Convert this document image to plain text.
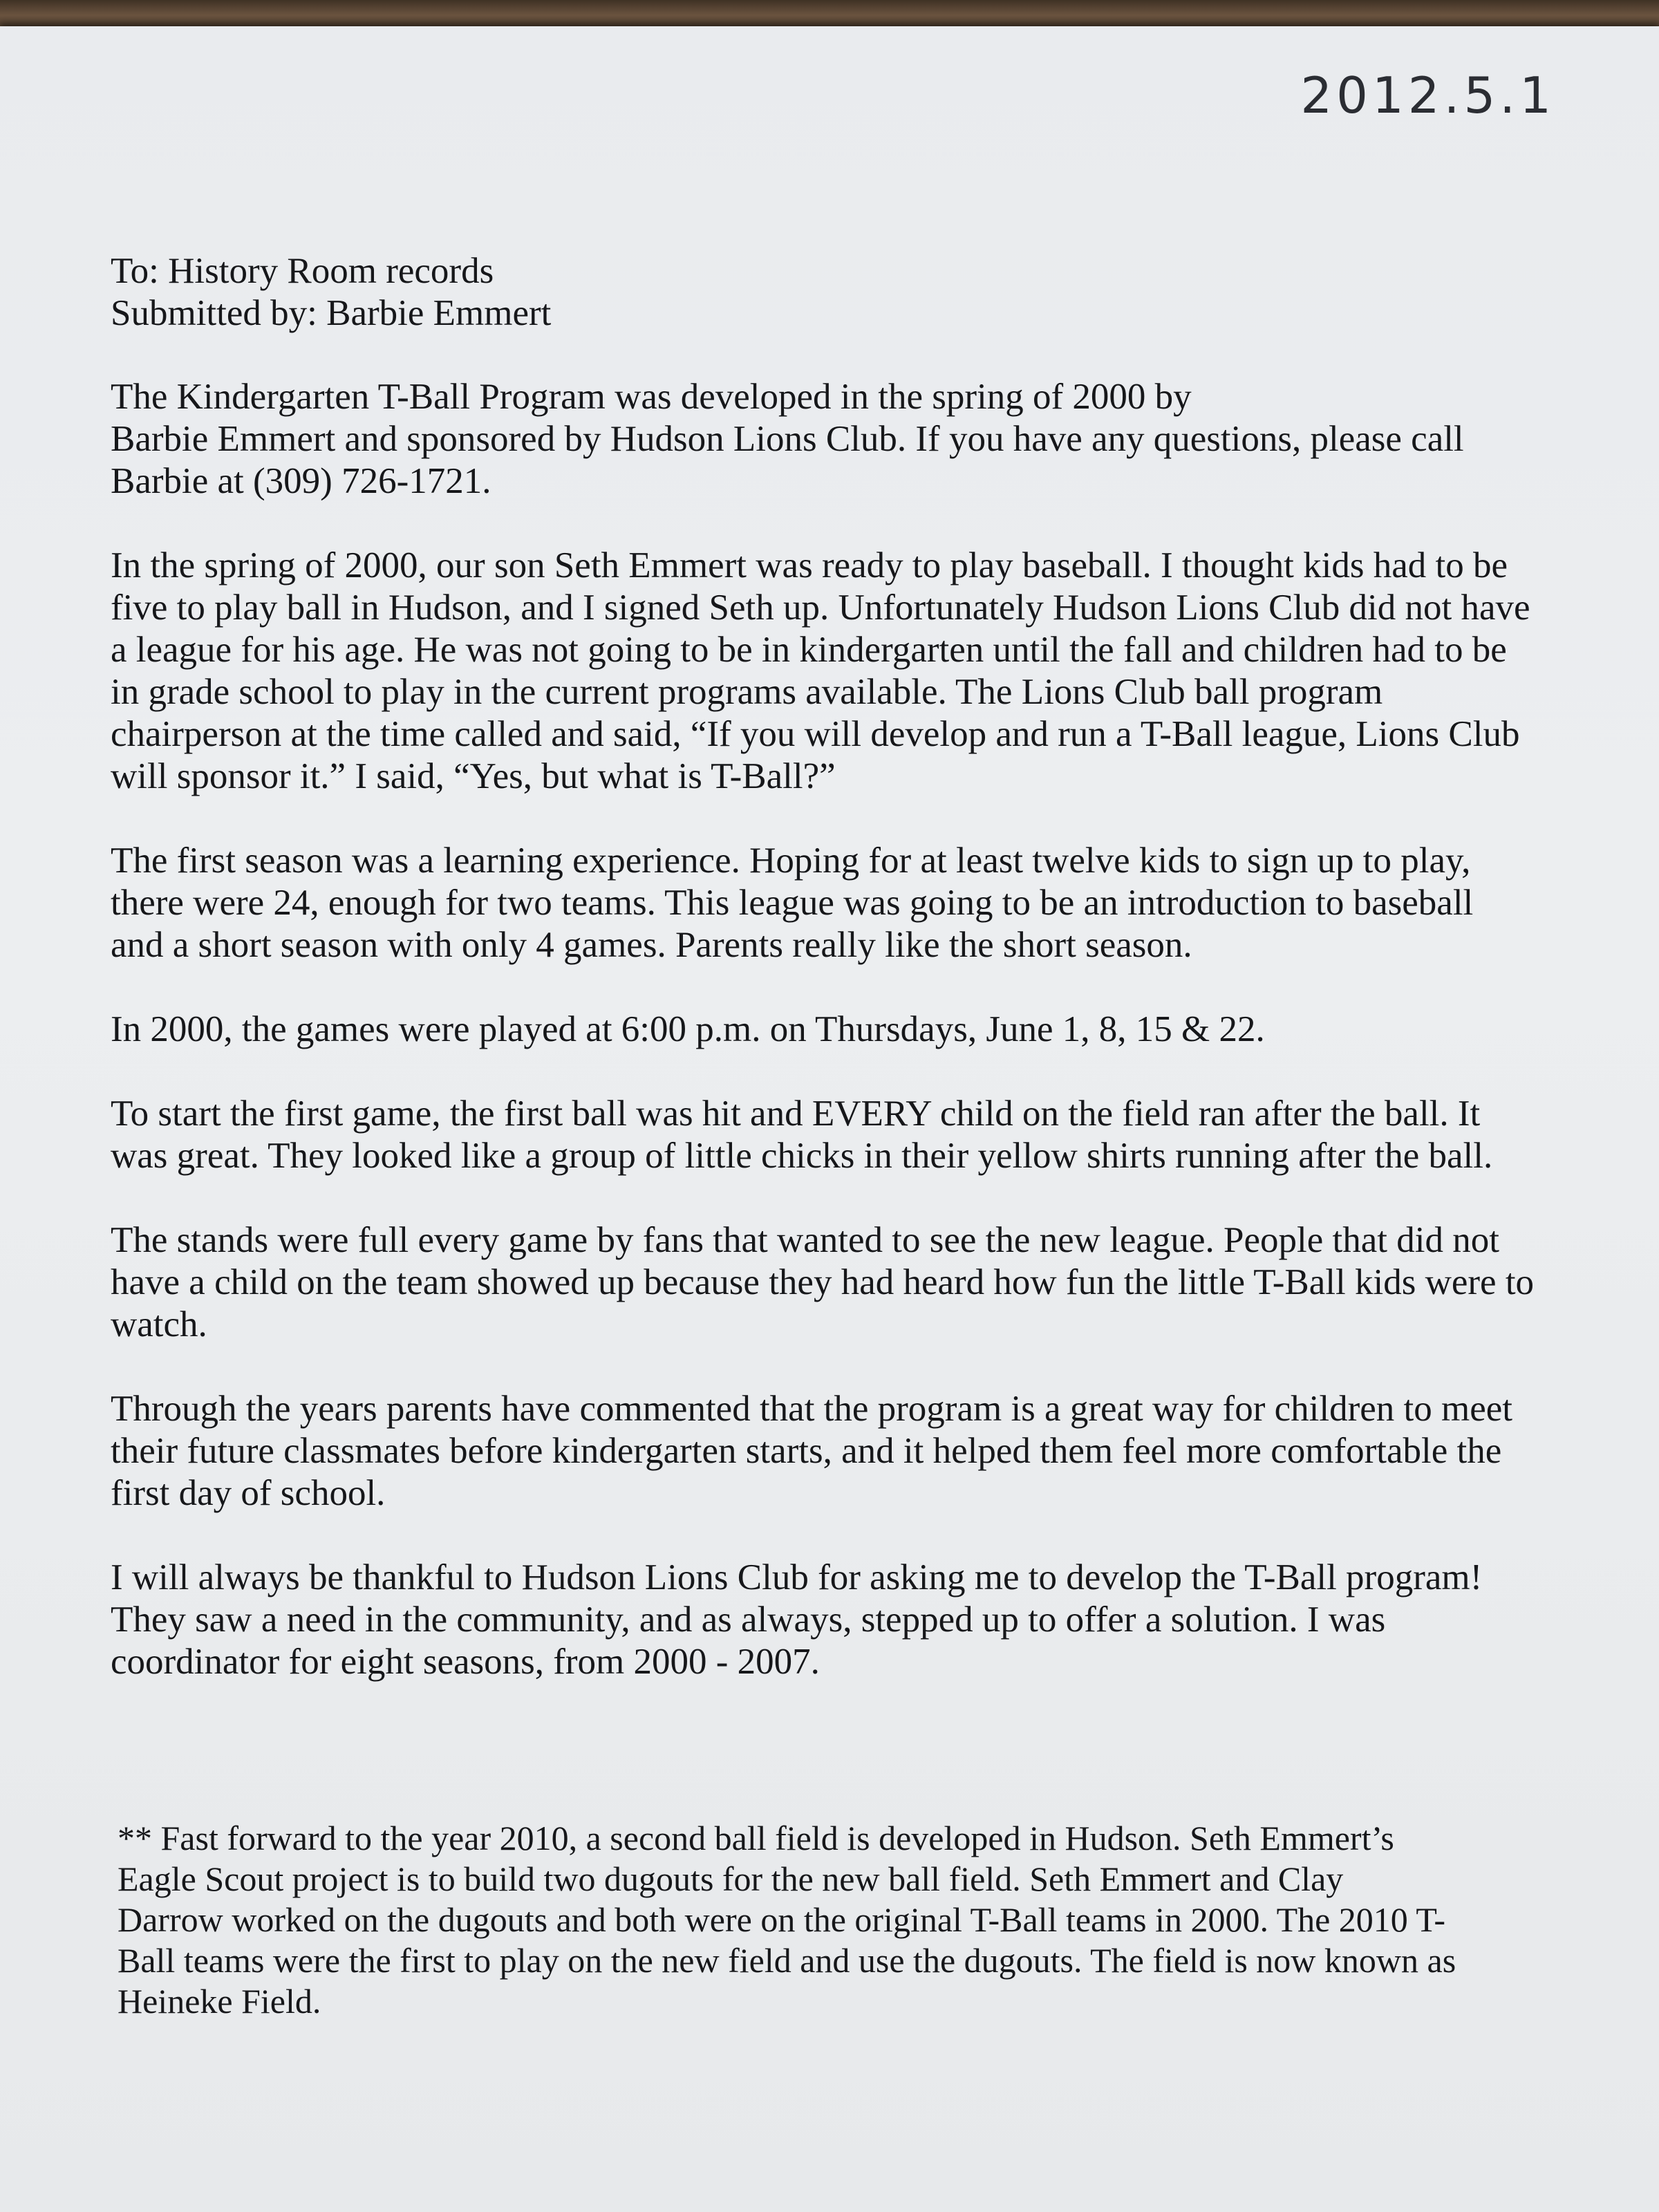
2012.5.1
To: History Room records
Submitted by: Barbie Emmert
The Kindergarten T-Ball Program was developed in the spring of 2000 by
Barbie Emmert and sponsored by Hudson Lions Club. If you have any questions, please call
Barbie at (309) 726-1721.
In the spring of 2000, our son Seth Emmert was ready to play baseball. I thought kids had to be
five to play ball in Hudson, and I signed Seth up. Unfortunately Hudson Lions Club did not have
a league for his age. He was not going to be in kindergarten until the fall and children had to be
in grade school to play in the current programs available. The Lions Club ball program
chairperson at the time called and said, “If you will develop and run a T-Ball league, Lions Club
will sponsor it.” I said, “Yes, but what is T-Ball?”
The first season was a learning experience. Hoping for at least twelve kids to sign up to play,
there were 24, enough for two teams. This league was going to be an introduction to baseball
and a short season with only 4 games. Parents really like the short season.
In 2000, the games were played at 6:00 p.m. on Thursdays, June 1, 8, 15 & 22.
To start the first game, the first ball was hit and EVERY child on the field ran after the ball. It
was great. They looked like a group of little chicks in their yellow shirts running after the ball.
The stands were full every game by fans that wanted to see the new league. People that did not
have a child on the team showed up because they had heard how fun the little T-Ball kids were to
watch.
Through the years parents have commented that the program is a great way for children to meet
their future classmates before kindergarten starts, and it helped them feel more comfortable the
first day of school.
I will always be thankful to Hudson Lions Club for asking me to develop the T-Ball program!
They saw a need in the community, and as always, stepped up to offer a solution. I was
coordinator for eight seasons, from 2000 - 2007.
** Fast forward to the year 2010, a second ball field is developed in Hudson. Seth Emmert’s
Eagle Scout project is to build two dugouts for the new ball field. Seth Emmert and Clay
Darrow worked on the dugouts and both were on the original T-Ball teams in 2000. The 2010 T-
Ball teams were the first to play on the new field and use the dugouts. The field is now known as
Heineke Field.
